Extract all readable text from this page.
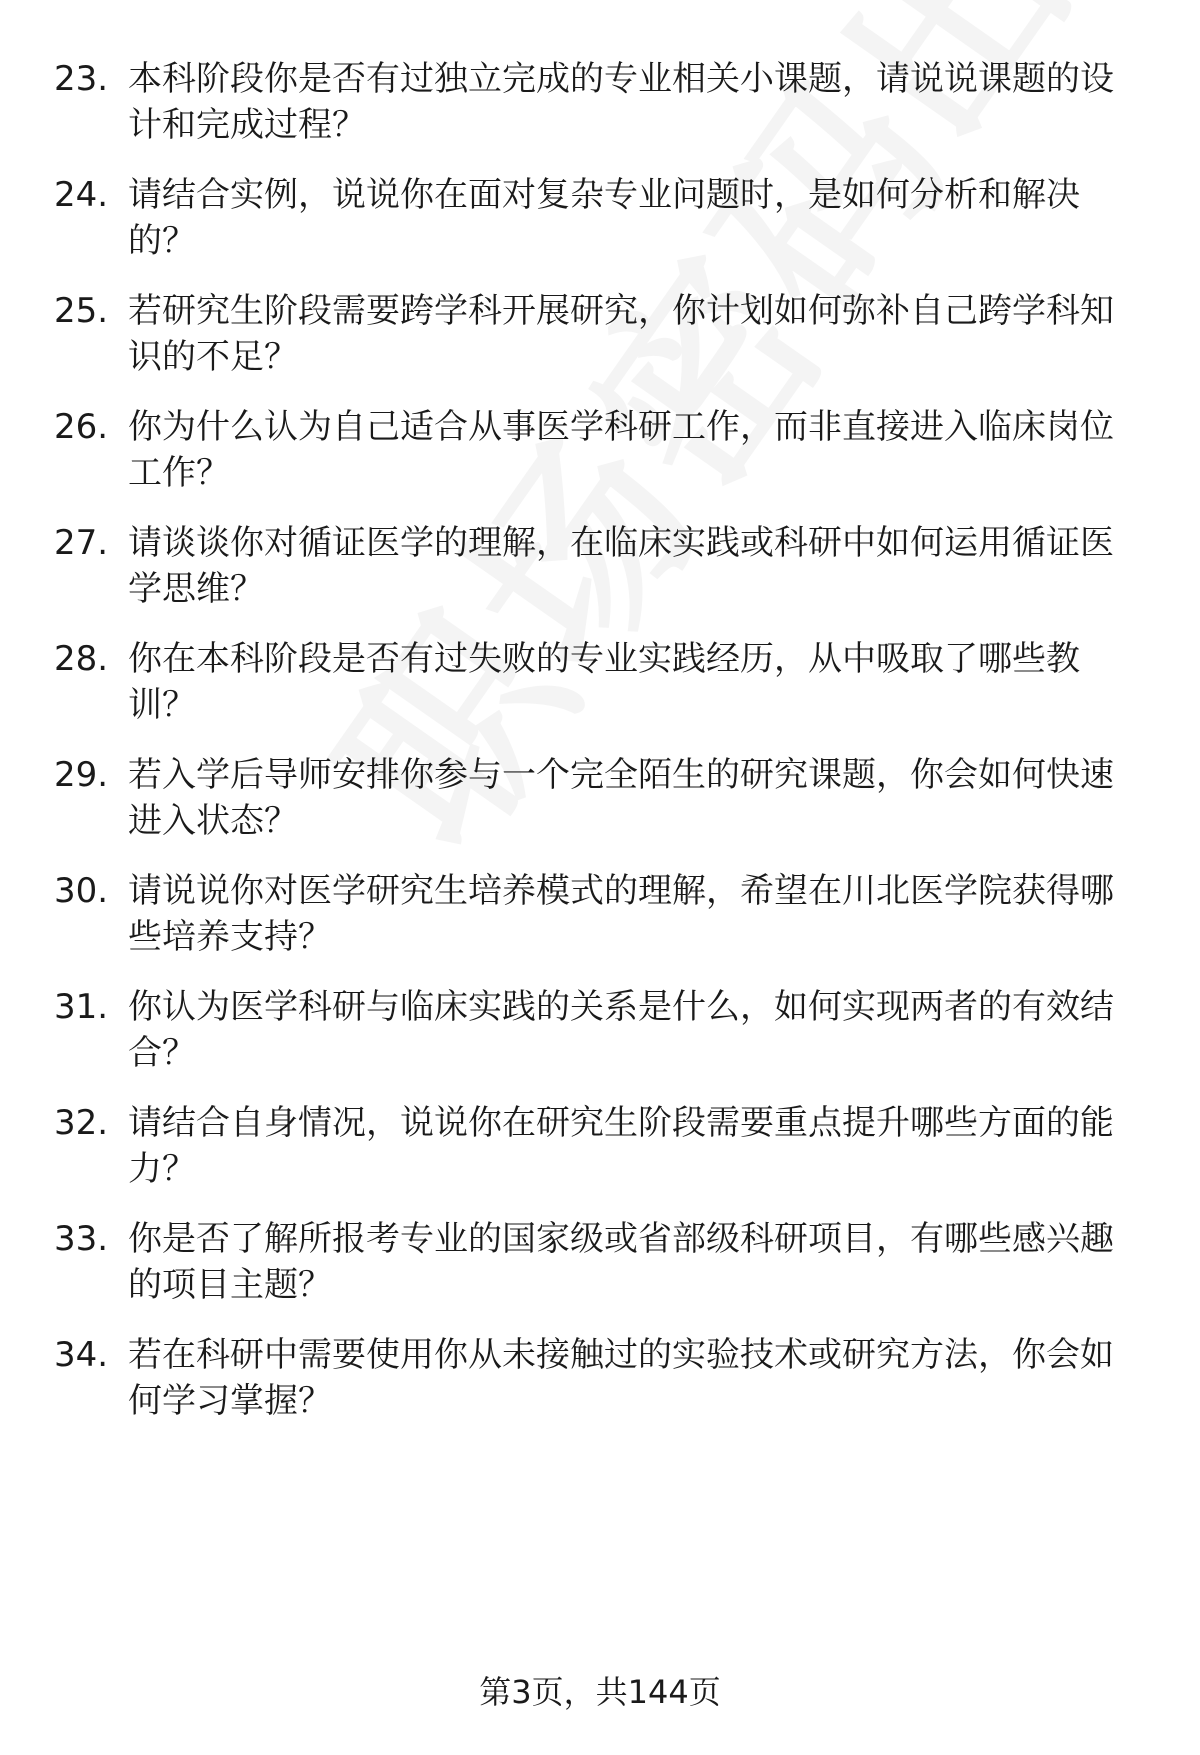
23. 本科阶段你是否有过独立完成的专业相关小课题，请说说课题的设计和完成过程？
24. 请结合实例，说说你在面对复杂专业问题时，是如何分析和解决的？
25. 若研究生阶段需要跨学科开展研究，你计划如何弥补自己跨学科知识的不足？
26. 你为什么认为自己适合从事医学科研工作，而非直接进入临床岗位工作？
27. 请谈谈你对循证医学的理解，在临床实践或科研中如何运用循证医学思维？
28. 你在本科阶段是否有过失败的专业实践经历，从中吸取了哪些教训？
29. 若入学后导师安排你参与一个完全陌生的研究课题，你会如何快速进入状态？
30. 请说说你对医学研究生培养模式的理解，希望在川北医学院获得哪些培养支持？
31. 你认为医学科研与临床实践的关系是什么，如何实现两者的有效结合？
32. 请结合自身情况，说说你在研究生阶段需要重点提升哪些方面的能力？
33. 你是否了解所报考专业的国家级或省部级科研项目，有哪些感兴趣的项目主题？
34. 若在科研中需要使用你从未接触过的实验技术或研究方法，你会如何学习掌握？
第3页，共144页
